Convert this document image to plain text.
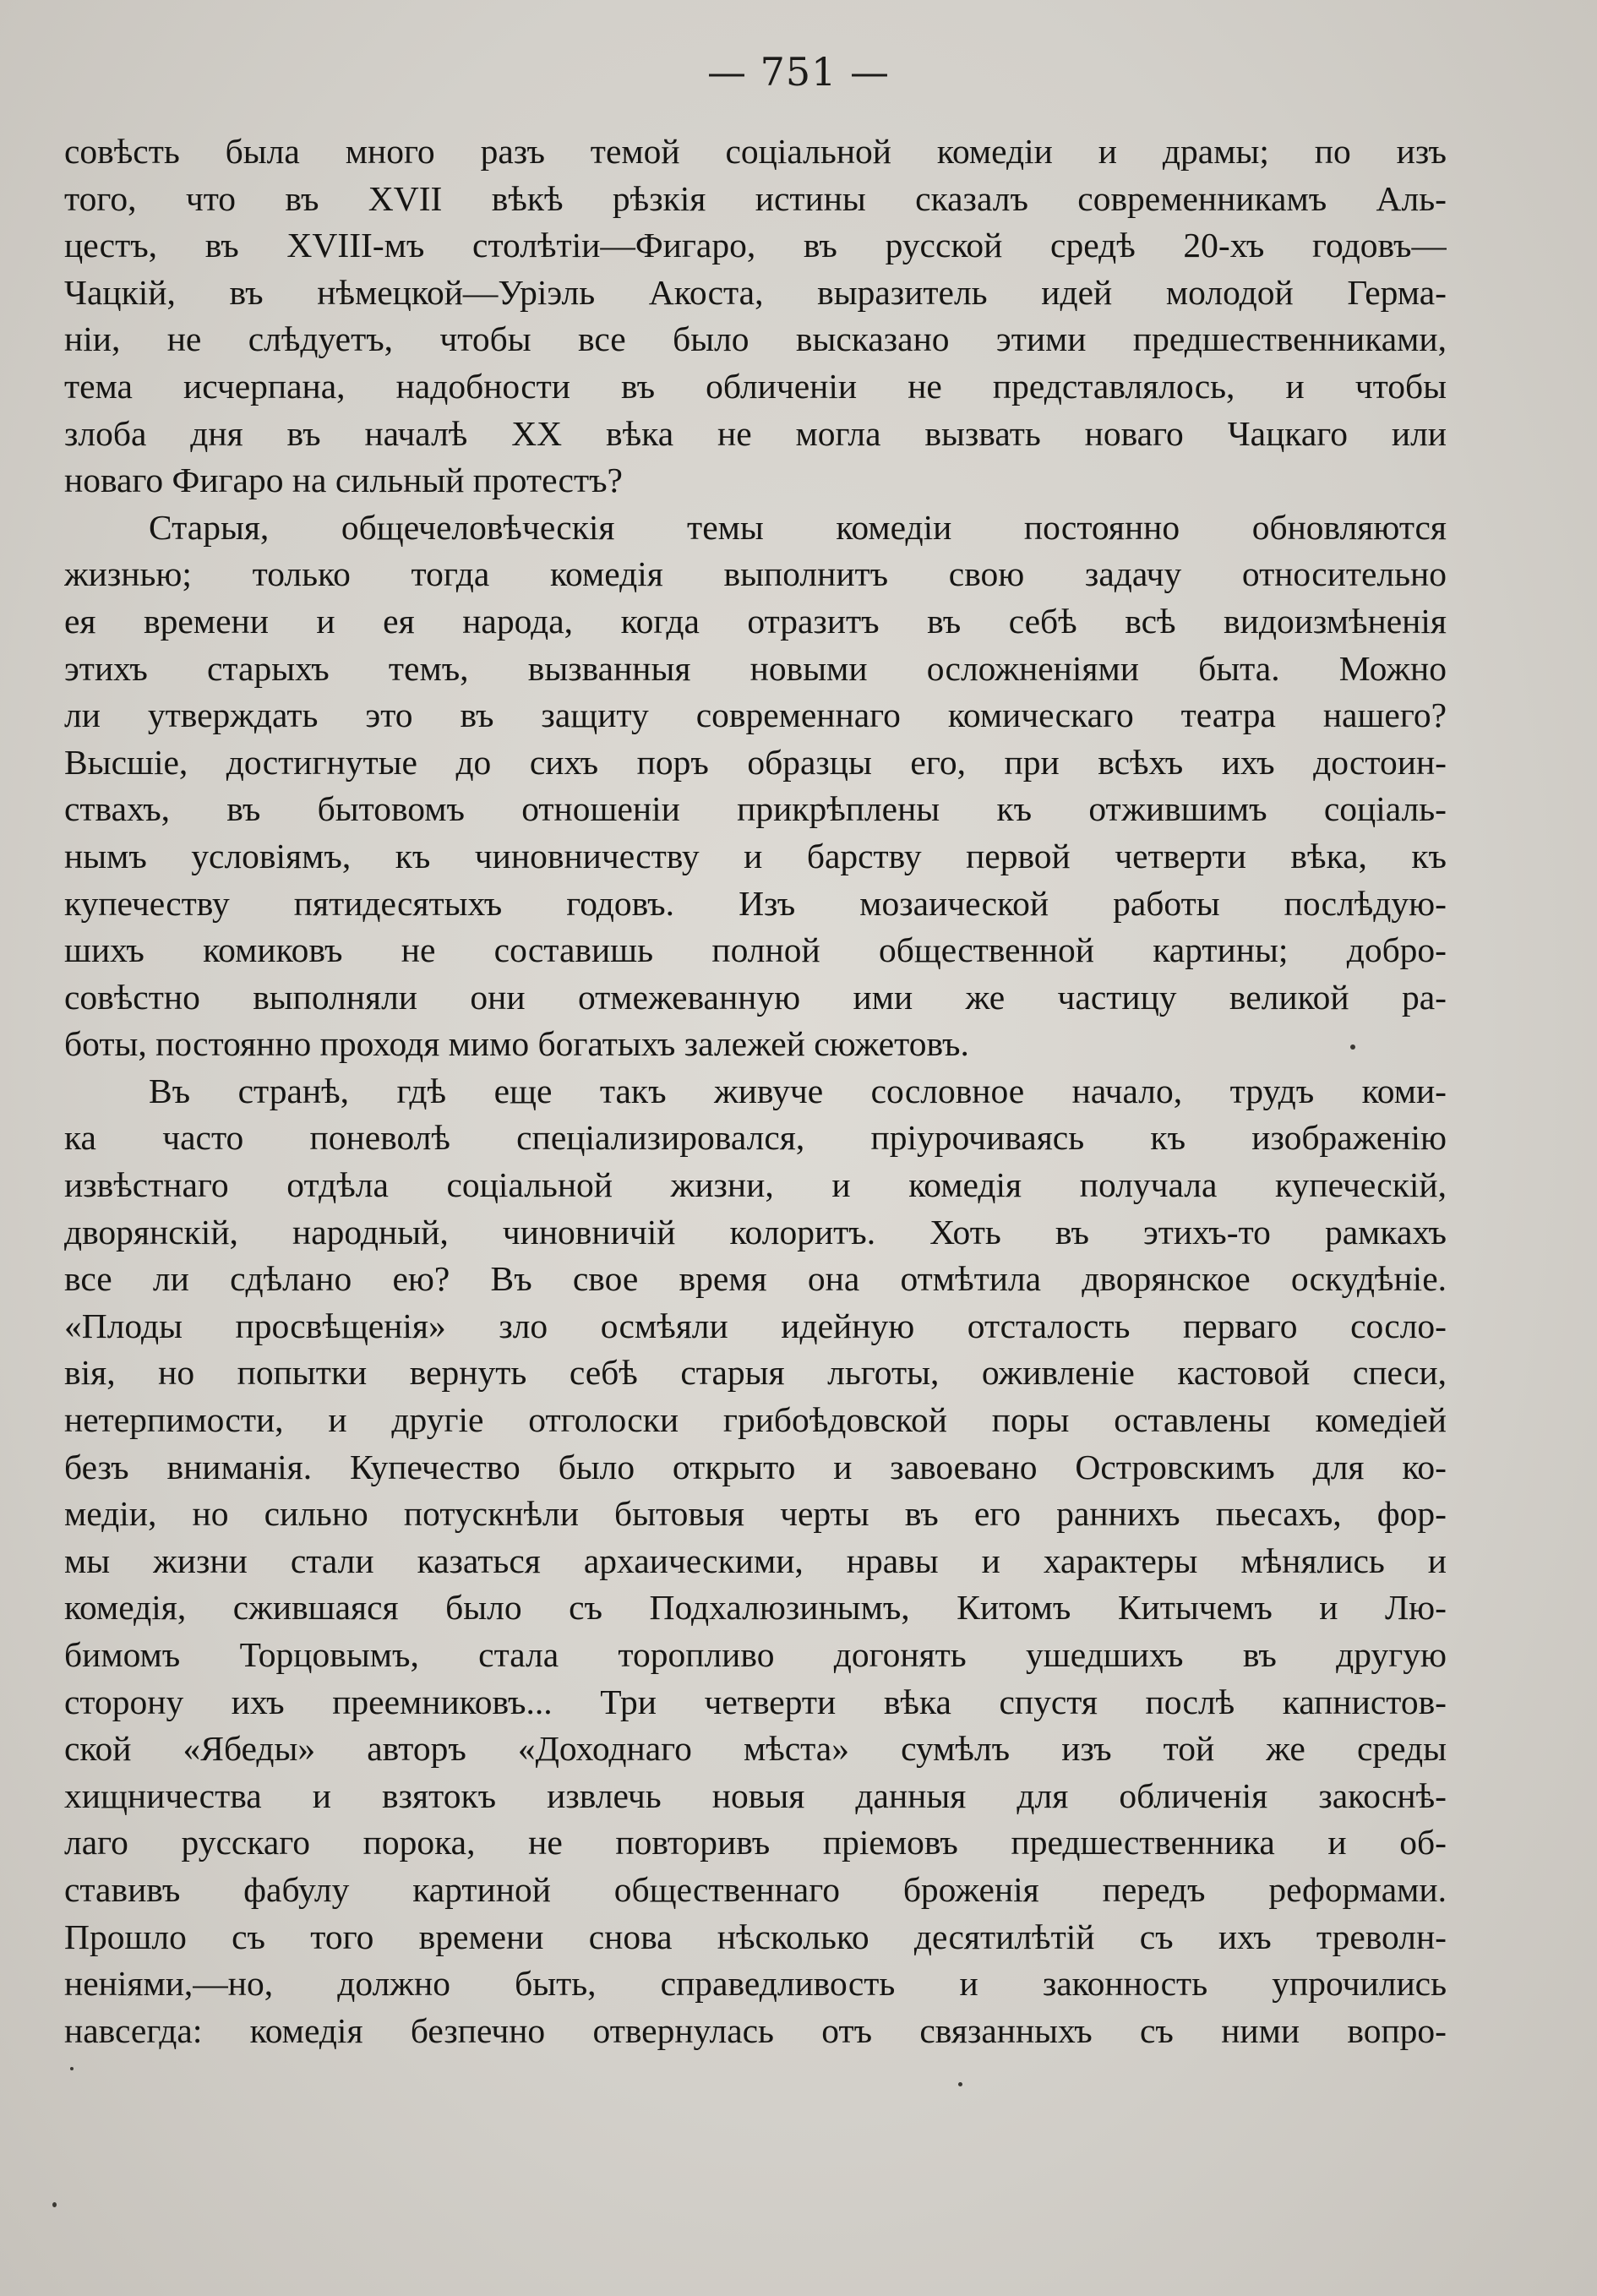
— 751 —
совѣсть была много разъ темой соціальной комедіи и драмы; по изъ
того, что въ XVII вѣкѣ рѣзкія истины сказалъ современникамъ Аль-
цестъ, въ XVIII-мъ столѣтіи—Фигаро, въ русской средѣ 20-хъ годовъ—
Чацкій, въ нѣмецкой—Уріэль Акоста, выразитель идей молодой Герма-
ніи, не слѣдуетъ, чтобы все было высказано этими предшественниками,
тема исчерпана, надобности въ обличеніи не представлялось, и чтобы
злоба дня въ началѣ XX вѣка не могла вызвать новаго Чацкаго или
новаго Фигаро на сильный протестъ?
Старыя, общечеловѣческія темы комедіи постоянно обновляются
жизнью; только тогда комедія выполнитъ свою задачу относительно
ея времени и ея народа, когда отразитъ въ себѣ всѣ видоизмѣненія
этихъ старыхъ темъ, вызванныя новыми осложненіями быта. Можно
ли утверждать это въ защиту современнаго комическаго театра нашего?
Высшіе, достигнутые до сихъ поръ образцы его, при всѣхъ ихъ достоин-
ствахъ, въ бытовомъ отношеніи прикрѣплены къ отжившимъ соціаль-
нымъ условіямъ, къ чиновничеству и барству первой четверти вѣка, къ
купечеству пятидесятыхъ годовъ. Изъ мозаической работы послѣдую-
шихъ комиковъ не составишь полной общественной картины; добро-
совѣстно выполняли они отмежеванную ими же частицу великой ра-
боты, постоянно проходя мимо богатыхъ залежей сюжетовъ.
Въ странѣ, гдѣ еще такъ живуче сословное начало, трудъ коми-
ка часто поневолѣ спеціализировался, пріурочиваясь къ изображенію
извѣстнаго отдѣла соціальной жизни, и комедія получала купеческій,
дворянскій, народный, чиновничій колоритъ. Хоть въ этихъ-то рамкахъ
все ли сдѣлано ею? Въ свое время она отмѣтила дворянское оскудѣніе.
«Плоды просвѣщенія» зло осмѣяли идейную отсталость перваго сосло-
вія, но попытки вернуть себѣ старыя льготы, оживленіе кастовой спеси,
нетерпимости, и другіе отголоски грибоѣдовской поры оставлены комедіей
безъ вниманія. Купечество было открыто и завоевано Островскимъ для ко-
медіи, но сильно потускнѣли бытовыя черты въ его раннихъ пьесахъ, фор-
мы жизни стали казаться архаическими, нравы и характеры мѣнялись и
комедія, сжившаяся было съ Подхалюзинымъ, Китомъ Китычемъ и Лю-
бимомъ Торцовымъ, стала торопливо догонять ушедшихъ въ другую
сторону ихъ преемниковъ... Три четверти вѣка спустя послѣ капнистов-
ской «Ябеды» авторъ «Доходнаго мѣста» сумѣлъ изъ той же среды
хищничества и взятокъ извлечь новыя данныя для обличенія закоснѣ-
лаго русскаго порока, не повторивъ пріемовъ предшественника и об-
ставивъ фабулу картиной общественнаго броженія передъ реформами.
Прошло съ того времени снова нѣсколько десятилѣтій съ ихъ треволн-
неніями,—но, должно быть, справедливость и законность упрочились
навсегда: комедія безпечно отвернулась отъ связанныхъ съ ними вопро-
